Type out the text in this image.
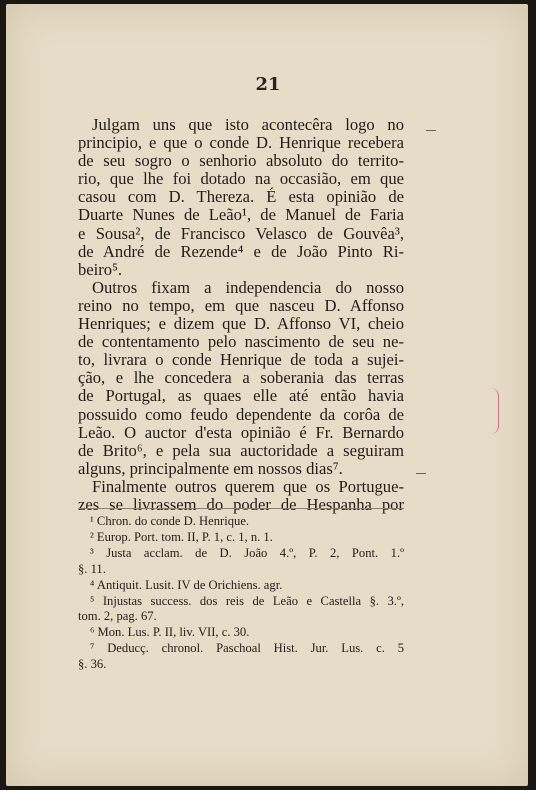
21
Julgam uns que isto acontecêra logo no
principio, e que o conde D. Henrique recebera
de seu sogro o senhorio absoluto do territo-
rio, que lhe foi dotado na occasião, em que
casou com D. Thereza. É esta opinião de
Duarte Nunes de Leão¹, de Manuel de Faria
e Sousa², de Francisco Velasco de Gouvêa³,
de André de Rezende⁴ e de João Pinto Ri-
beiro⁵.
Outros fixam a independencia do nosso
reino no tempo, em que nasceu D. Affonso
Henriques; e dizem que D. Affonso VI, cheio
de contentamento pelo nascimento de seu ne-
to, livrara o conde Henrique de toda a sujei-
ção, e lhe concedera a soberania das terras
de Portugal, as quaes elle até então havia
possuido como feudo dependente da corôa de
Leão. O auctor d'esta opinião é Fr. Bernardo
de Brito⁶, e pela sua auctoridade a seguiram
alguns, principalmente em nossos dias⁷.
Finalmente outros querem que os Portugue-
zes se livrassem do poder de Hespanha por
¹ Chron. do conde D. Henrique.
² Europ. Port. tom. II, P. 1, c. 1, n. 1.
³ Justa acclam. de D. João 4.º, P. 2, Pont. 1.º
§. 11.
⁴ Antiquit. Lusit. IV de Orichiens. agr.
⁵ Injustas success. dos reis de Leão e Castella §. 3.º,
tom. 2, pag. 67.
⁶ Mon. Lus. P. II, liv. VII, c. 30.
⁷ Deducç. chronol. Paschoal Hist. Jur. Lus. c. 5
§. 36.
